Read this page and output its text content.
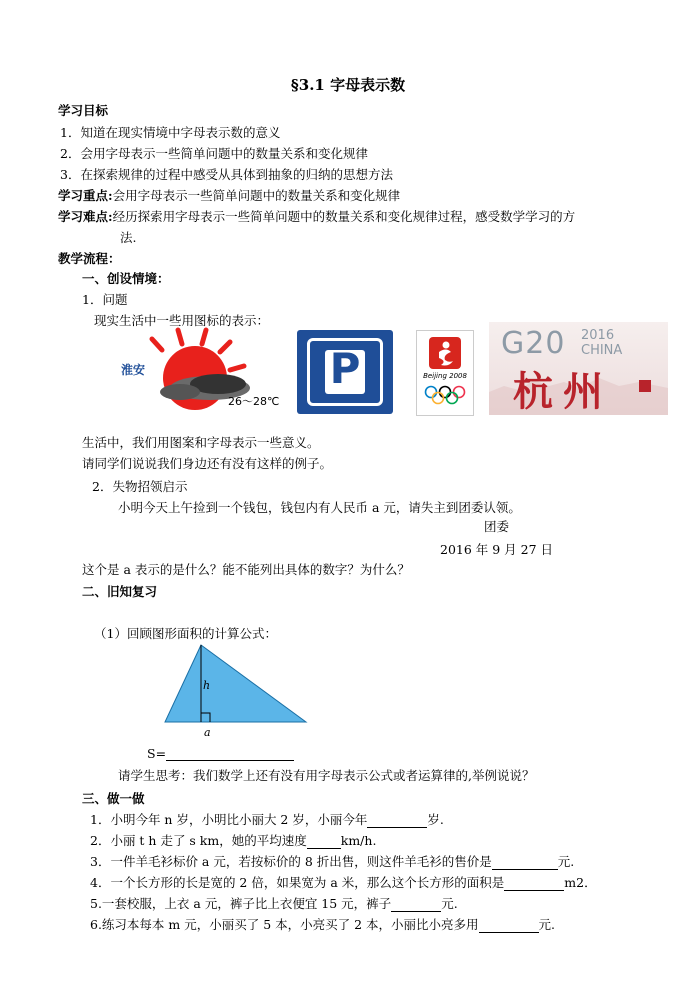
§3.1 字母表示数
学习目标
1．知道在现实情境中字母表示数的意义
2．会用字母表示一些简单问题中的数量关系和变化规律
3．在探索规律的过程中感受从具体到抽象的归纳的思想方法
学习重点:会用字母表示一些简单问题中的数量关系和变化规律
学习难点:经历探索用字母表示一些简单问题中的数量关系和变化规律过程，感受数学学习的方
法.
教学流程：
一、创设情境：
1．问题
现实生活中一些用图标的表示：
淮安
26～28℃
P	Beijing 2008
G20 2016
CHINA
杭州
生活中，我们用图案和字母表示一些意义。
请同学们说说我们身边还有没有这样的例子。
2．失物招领启示
小明今天上午捡到一个钱包，钱包内有人民币 a 元，请失主到团委认领。
团委
2016 年 9 月 27 日
这个是 a 表示的是什么？能不能列出具体的数字？为什么？
二、旧知复习
（1）回顾图形面积的计算公式：
h
a
S=
请学生思考：我们数学上还有没有用字母表示公式或者运算律的,举例说说？
三、做一做
1．小明今年 n 岁，小明比小丽大 2 岁，小丽今年	岁.
2．小丽 t h 走了 s km，她的平均速度	km/h.
3．一件羊毛衫标价 a 元，若按标价的 8 折出售，则这件羊毛衫的售价是	元.
4．一个长方形的长是宽的 2 倍，如果宽为 a 米，那么这个长方形的面积是	m2．
5.一套校服，上衣 a 元，裤子比上衣便宜 15 元，裤子	元.
6.练习本每本 m 元，小丽买了 5 本，小亮买了 2 本，小丽比小亮多用	元.
